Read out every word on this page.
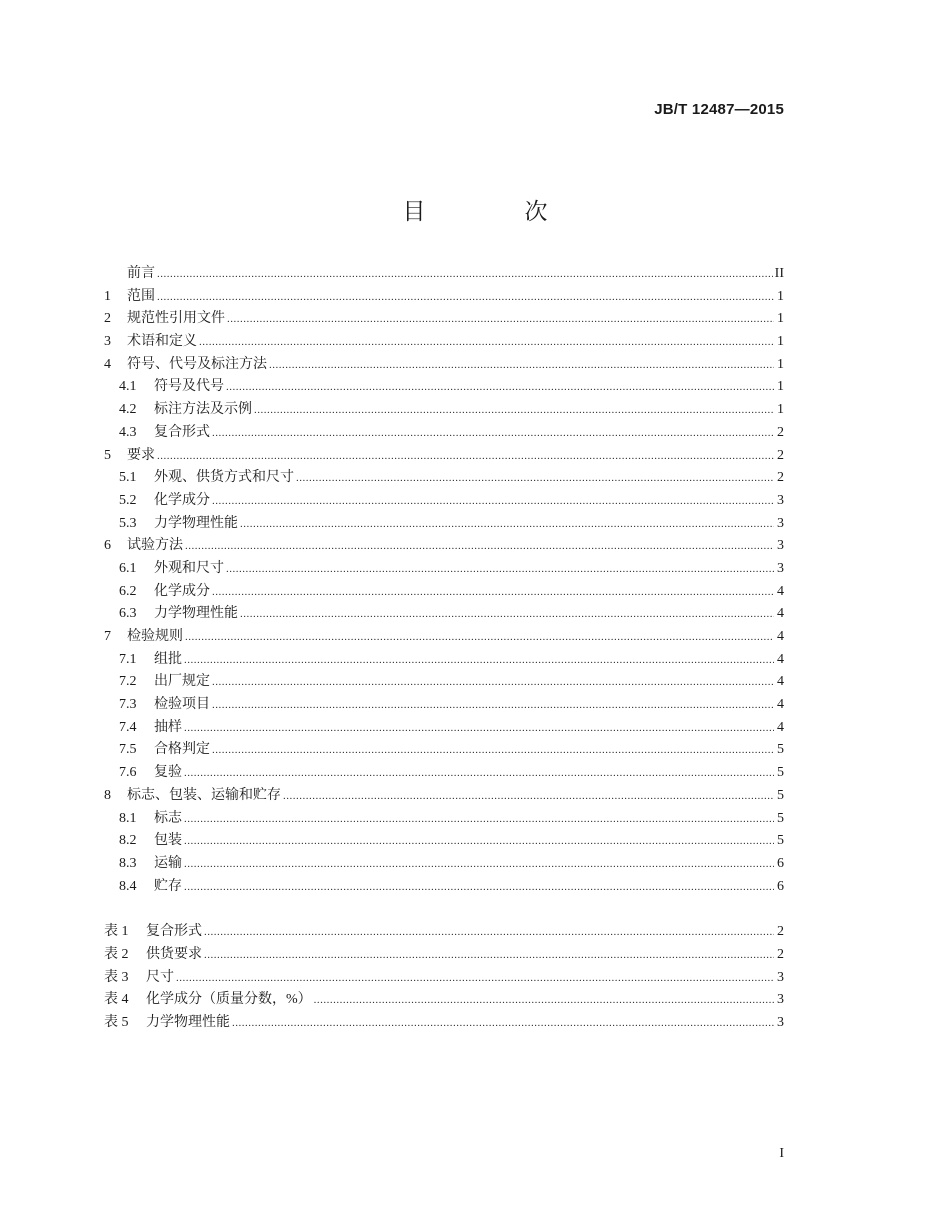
JB/T 12487—2015
目　次
前言 .....	II
1	范围 .....	1
2	规范性引用文件 .....	1
3	术语和定义 .....	1
4	符号、代号及标注方法 .....	1
4.1	符号及代号 .....	1
4.2	标注方法及示例 .....	1
4.3	复合形式 .....	2
5	要求 .....	2
5.1	外观、供货方式和尺寸 .....	2
5.2	化学成分 .....	3
5.3	力学物理性能 .....	3
6	试验方法 .....	3
6.1	外观和尺寸 .....	3
6.2	化学成分 .....	4
6.3	力学物理性能 .....	4
7	检验规则 .....	4
7.1	组批 .....	4
7.2	出厂规定 .....	4
7.3	检验项目 .....	4
7.4	抽样 .....	4
7.5	合格判定 .....	5
7.6	复验 .....	5
8	标志、包装、运输和贮存 .....	5
8.1	标志 .....	5
8.2	包装 .....	5
8.3	运输 .....	6
8.4	贮存 .....	6
表 1	复合形式 .....	2
表 2	供货要求 .....	2
表 3	尺寸 .....	3
表 4	化学成分（质量分数，%） .....	3
表 5	力学物理性能 .....	3
I
